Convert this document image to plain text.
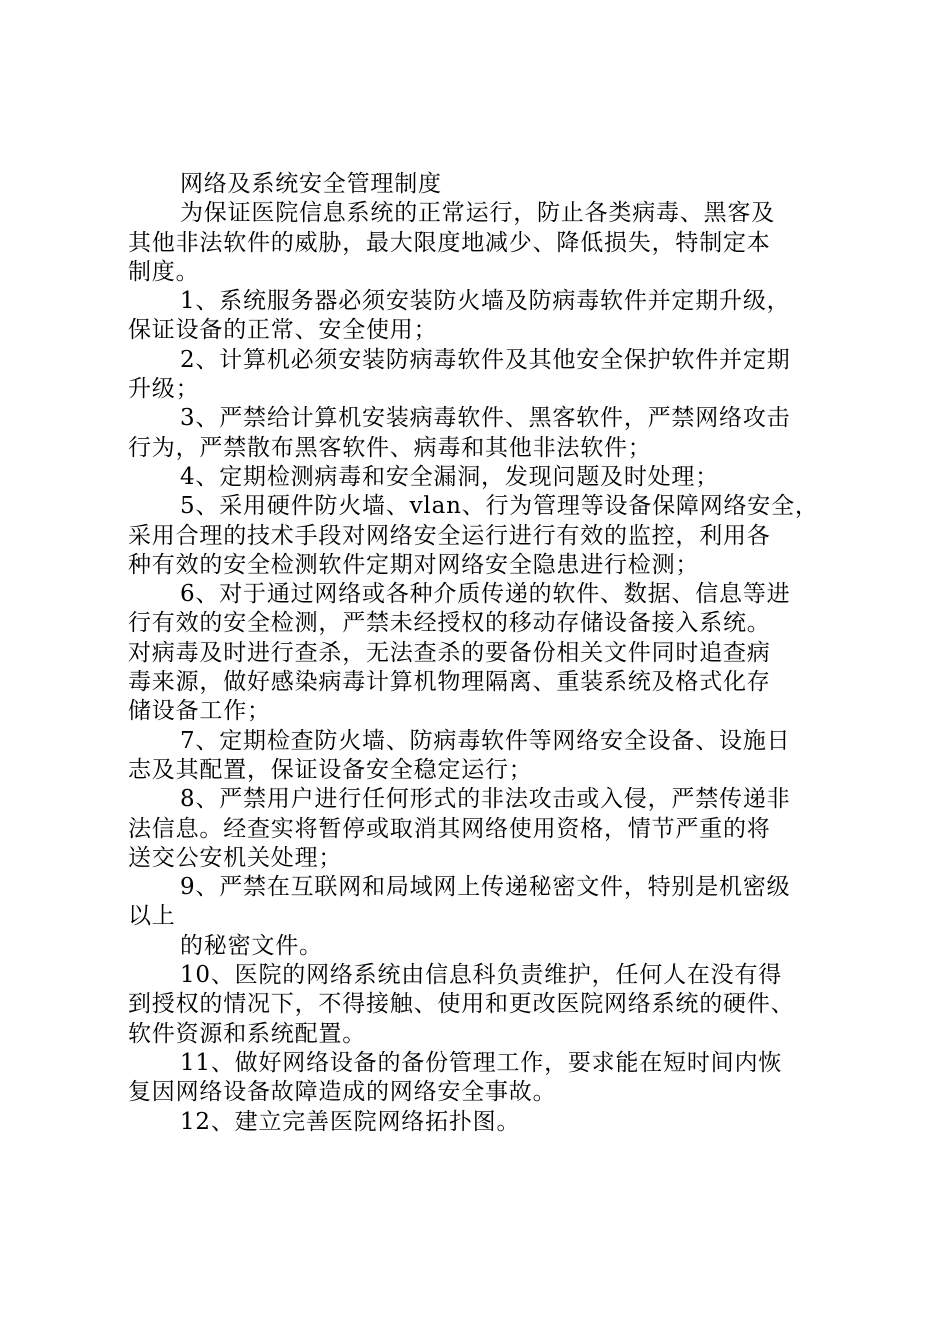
网络及系统安全管理制度

为保证医院信息系统的正常运行，防止各类病毒、黑客及
其他非法软件的威胁，最大限度地减少、降低损失，特制定本
制度。

1、系统服务器必须安装防火墙及防病毒软件并定期升级，
保证设备的正常、安全使用；

2、计算机必须安装防病毒软件及其他安全保护软件并定期
升级；

3、严禁给计算机安装病毒软件、黑客软件，严禁网络攻击
行为，严禁散布黑客软件、病毒和其他非法软件；

4、定期检测病毒和安全漏洞，发现问题及时处理；

5、采用硬件防火墙、vlan、行为管理等设备保障网络安全，
采用合理的技术手段对网络安全运行进行有效的监控，利用各
种有效的安全检测软件定期对网络安全隐患进行检测；

6、对于通过网络或各种介质传递的软件、数据、信息等进
行有效的安全检测，严禁未经授权的移动存储设备接入系统。
对病毒及时进行查杀，无法查杀的要备份相关文件同时追查病
毒来源，做好感染病毒计算机物理隔离、重装系统及格式化存
储设备工作；

7、定期检查防火墙、防病毒软件等网络安全设备、设施日
志及其配置，保证设备安全稳定运行；

8、严禁用户进行任何形式的非法攻击或入侵，严禁传递非
法信息。经查实将暂停或取消其网络使用资格，情节严重的将
送交公安机关处理；

9、严禁在互联网和局域网上传递秘密文件，特别是机密级
以上

的秘密文件。

10、医院的网络系统由信息科负责维护，任何人在没有得
到授权的情况下，不得接触、使用和更改医院网络系统的硬件、
软件资源和系统配置。

11、做好网络设备的备份管理工作，要求能在短时间内恢
复因网络设备故障造成的网络安全事故。

12、建立完善医院网络拓扑图。
